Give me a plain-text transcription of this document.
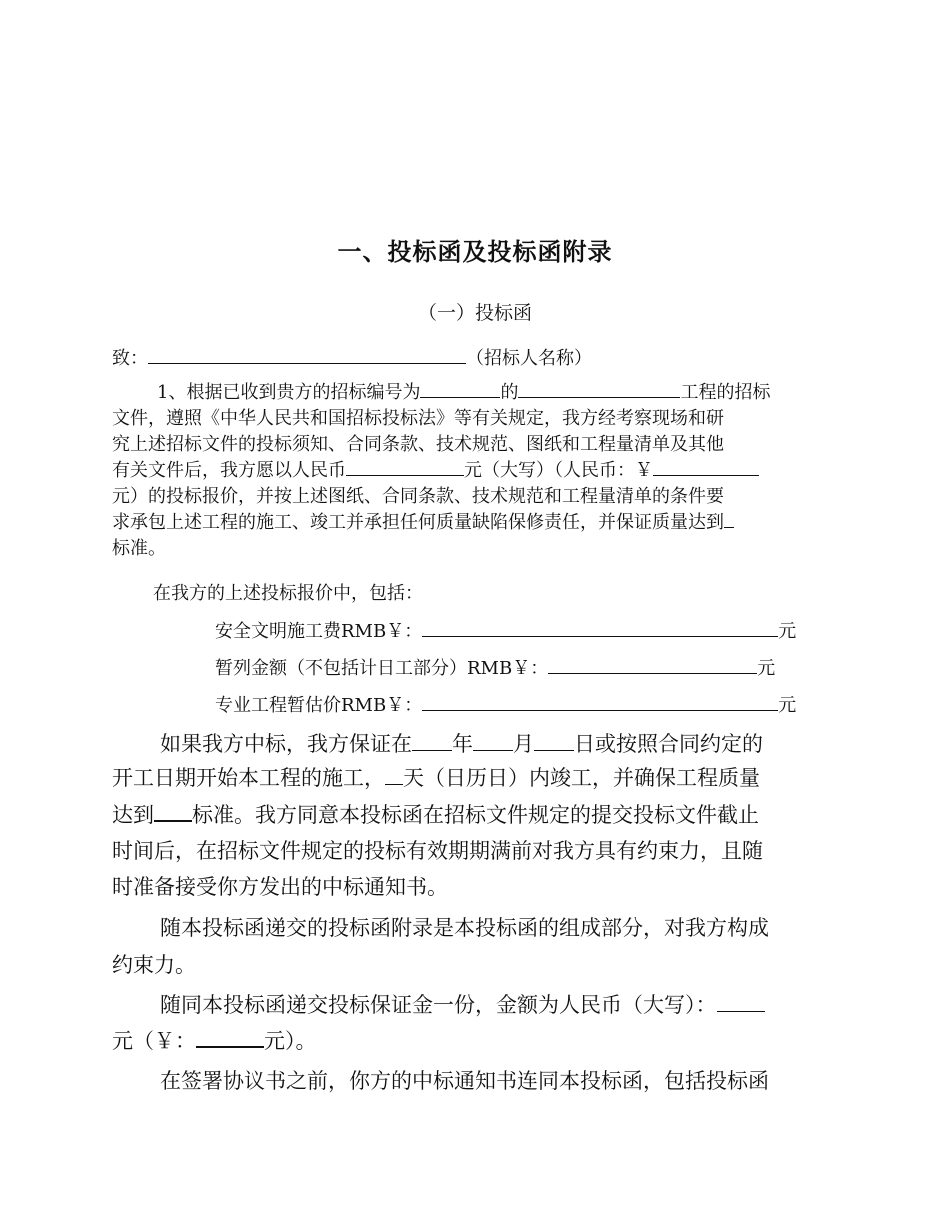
一、投标函及投标函附录
（一）投标函
致：	（招标人名称）
1、根据已收到贵方的招标编号为	的	工程的招标
文件，遵照《中华人民共和国招标投标法》等有关规定，我方经考察现场和研
究上述招标文件的投标须知、合同条款、技术规范、图纸和工程量清单及其他
有关文件后，我方愿以人民币	元（大写）（人民币：￥
元）的投标报价，并按上述图纸、合同条款、技术规范和工程量清单的条件要
求承包上述工程的施工、竣工并承担任何质量缺陷保修责任，并保证质量达到
标准。
在我方的上述投标报价中，包括：
安全文明施工费RMB￥：	元
暂列金额（不包括计日工部分）RMB￥：	元
专业工程暂估价RMB￥：	元
如果我方中标，我方保证在 年 月 日或按照合同约定的
开工日期开始本工程的施工， 天（日历日）内竣工，并确保工程质量
达到 标准。我方同意本投标函在招标文件规定的提交投标文件截止
时间后，在招标文件规定的投标有效期期满前对我方具有约束力，且随
时准备接受你方发出的中标通知书。
随本投标函递交的投标函附录是本投标函的组成部分，对我方构成
约束力。
随同本投标函递交投标保证金一份，金额为人民币（大写）：
元（￥：	元）。
在签署协议书之前，你方的中标通知书连同本投标函，包括投标函
